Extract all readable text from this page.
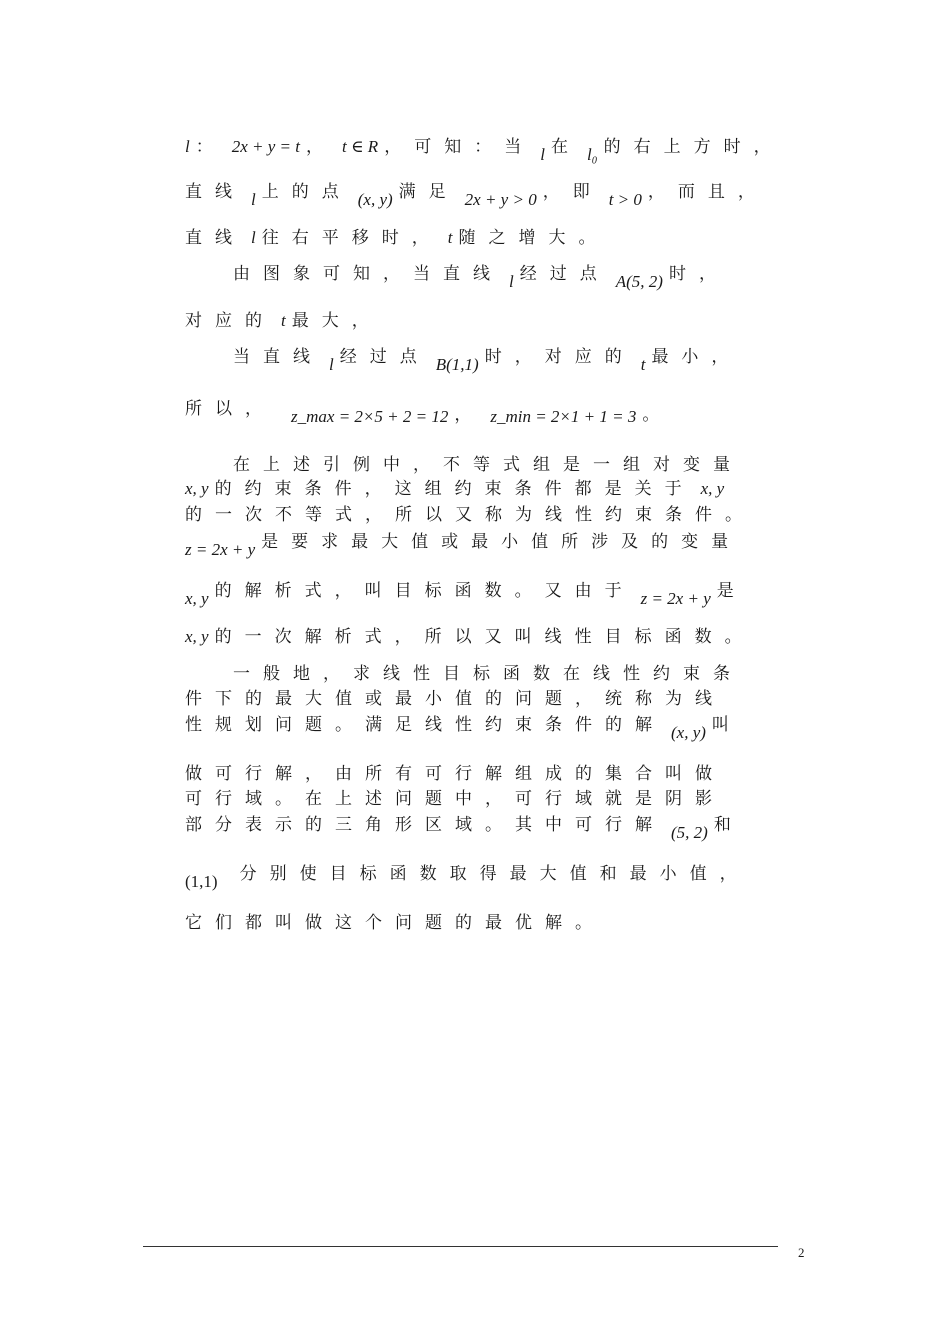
l ： 2x + y = t ， t ∈ R ，可知：当 l 在 l₀ 的右上方时，
直线 l 上的点 (x, y) 满足 2x + y > 0 ，即 t > 0 ，而且，
直线 l 往右平移时， t 随之增大。
由图象可知，当直线 l 经过点 A(5, 2) 时，
对应的 t 最大，
当直线 l 经过点 B(1,1) 时，对应的 t 最小，
所以， z_max = 2×5 + 2 = 12 ， z_min = 2×1 + 1 = 3 。
在上述引例中，不等式组是一组对变量
x, y 的约束条件，这组约束条件都是关于 x, y
的一次不等式，所以又称为线性约束条件。
z = 2x + y 是要求最大值或最小值所涉及的变量
x, y 的解析式，叫目标函数。又由于 z = 2x + y 是
x, y 的一次解析式，所以又叫线性目标函数。
一般地，求线性目标函数在线性约束条
件下的最大值或最小值的问题，统称为线
性规划问题。满足线性约束条件的解 (x, y) 叫
做可行解，由所有可行解组成的集合叫做
可行域。在上述问题中，可行域就是阴影
部分表示的三角形区域。其中可行解 (5, 2) 和
(1,1) 分别使目标函数取得最大值和最小值，
它们都叫做这个问题的最优解。
2
